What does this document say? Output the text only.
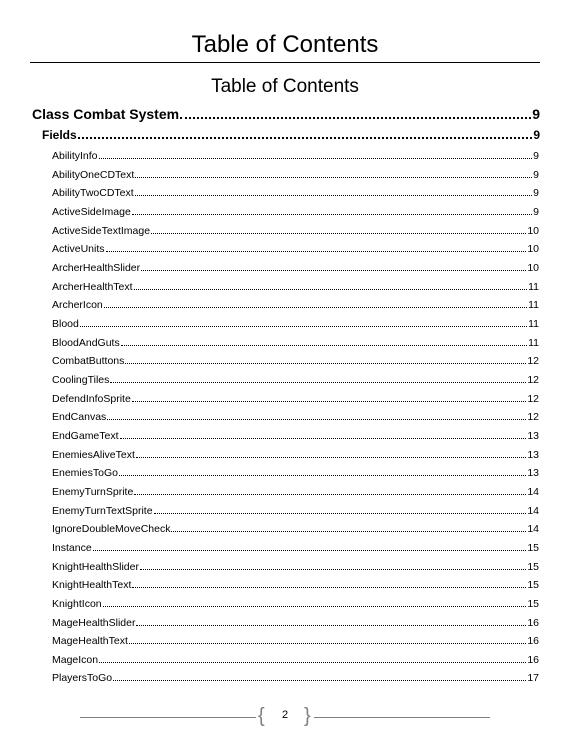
Table of Contents
Table of Contents
Class Combat System	9
Fields	9
AbilityInfo	9
AbilityOneCDText	9
AbilityTwoCDText	9
ActiveSideImage	9
ActiveSideTextImage	10
ActiveUnits	10
ArcherHealthSlider	10
ArcherHealthText	11
ArcherIcon	11
Blood	11
BloodAndGuts	11
CombatButtons	12
CoolingTiles	12
DefendInfoSprite	12
EndCanvas	12
EndGameText	13
EnemiesAliveText	13
EnemiesToGo	13
EnemyTurnSprite	14
EnemyTurnTextSprite	14
IgnoreDoubleMoveCheck	14
Instance	15
KnightHealthSlider	15
KnightHealthText	15
KnightIcon	15
MageHealthSlider	16
MageHealthText	16
MageIcon	16
PlayersToGo	17
{	2 }
